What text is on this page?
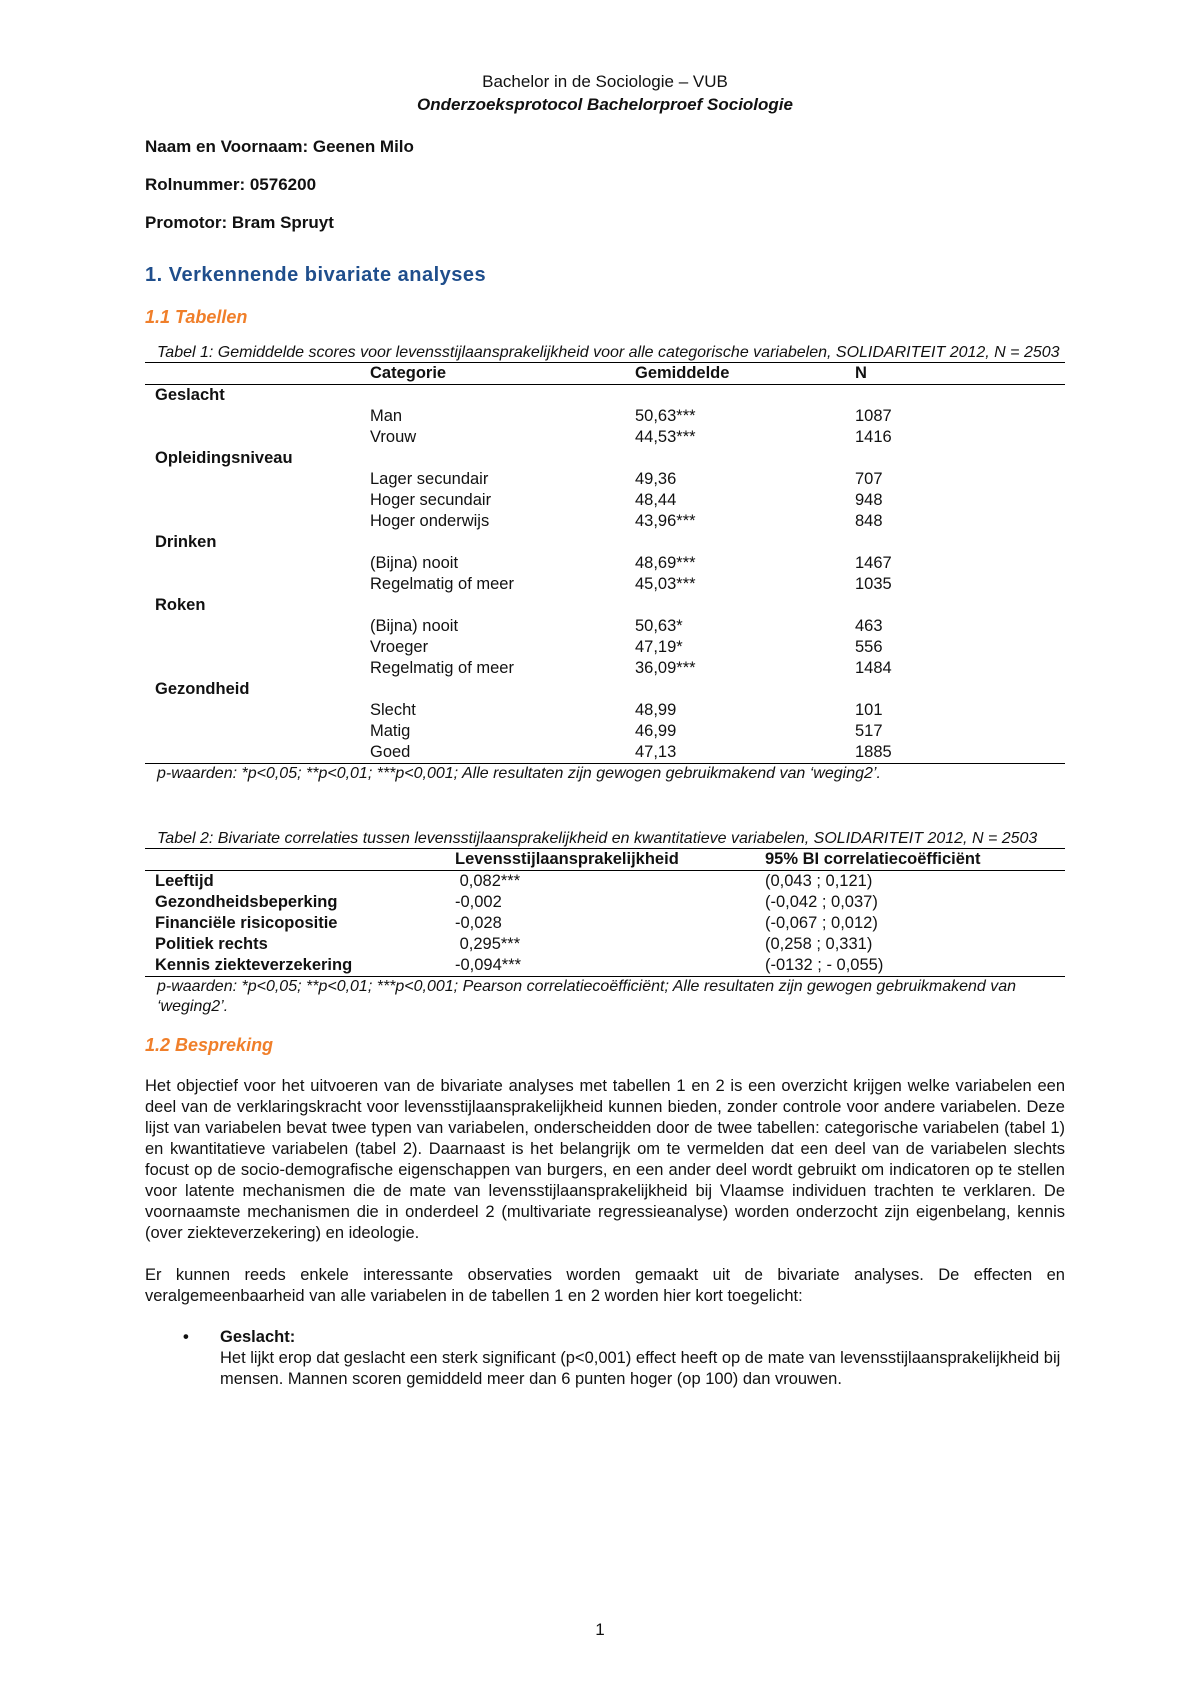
Bachelor in de Sociologie – VUB
Onderzoeksprotocol Bachelorproef Sociologie

Naam en Voornaam: Geenen Milo

Rolnummer: 0576200

Promotor: Bram Spruyt

1. Verkennende bivariate analyses

1.1 Tabellen

Tabel 1: Gemiddelde scores voor levensstijlaansprakelijkheid voor alle categorische variabelen, SOLIDARITEIT 2012, N = 2503

	Categorie	Gemiddelde	N
Geslacht			
	Man	50,63***	1087
	Vrouw	44,53***	1416
Opleidingsniveau			
	Lager secundair	49,36	707
	Hoger secundair	48,44	948
	Hoger onderwijs	43,96***	848
Drinken			
	(Bijna) nooit	48,69***	1467
	Regelmatig of meer	45,03***	1035
Roken			
	(Bijna) nooit	50,63*	463
	Vroeger	47,19*	556
	Regelmatig of meer	36,09***	1484
Gezondheid			
	Slecht	48,99	101
	Matig	46,99	517
	Goed	47,13	1885

p-waarden: *p<0,05; **p<0,01; ***p<0,001; Alle resultaten zijn gewogen gebruikmakend van ‘weging2’.

Tabel 2: Bivariate correlaties tussen levensstijlaansprakelijkheid en kwantitatieve variabelen, SOLIDARITEIT 2012, N = 2503

	Levensstijlaansprakelijkheid	95% BI correlatiecoëfficiënt
Leeftijd	0,082***	(0,043 ; 0,121)
Gezondheidsbeperking	-0,002	(-0,042 ; 0,037)
Financiële risicopositie	-0,028	(-0,067 ; 0,012)
Politiek rechts	0,295***	(0,258 ; 0,331)
Kennis ziekteverzekering	-0,094***	(-0132 ; - 0,055)

p-waarden: *p<0,05; **p<0,01; ***p<0,001; Pearson correlatiecoëfficiënt; Alle resultaten zijn gewogen gebruikmakend van ‘weging2’.

1.2 Bespreking

Het objectief voor het uitvoeren van de bivariate analyses met tabellen 1 en 2 is een overzicht krijgen welke variabelen een deel van de verklaringskracht voor levensstijlaansprakelijkheid kunnen bieden, zonder controle voor andere variabelen. Deze lijst van variabelen bevat twee typen van variabelen, onderscheidden door de twee tabellen: categorische variabelen (tabel 1) en kwantitatieve variabelen (tabel 2). Daarnaast is het belangrijk om te vermelden dat een deel van de variabelen slechts focust op de socio-demografische eigenschappen van burgers, en een ander deel wordt gebruikt om indicatoren op te stellen voor latente mechanismen die de mate van levensstijlaansprakelijkheid bij Vlaamse individuen trachten te verklaren. De voornaamste mechanismen die in onderdeel 2 (multivariate regressieanalyse) worden onderzocht zijn eigenbelang, kennis (over ziekteverzekering) en ideologie.

Er kunnen reeds enkele interessante observaties worden gemaakt uit de bivariate analyses. De effecten en veralgemeenbaarheid van alle variabelen in de tabellen 1 en 2 worden hier kort toegelicht:

• Geslacht:
Het lijkt erop dat geslacht een sterk significant (p<0,001) effect heeft op de mate van levensstijlaansprakelijkheid bij mensen. Mannen scoren gemiddeld meer dan 6 punten hoger (op 100) dan vrouwen.
1
